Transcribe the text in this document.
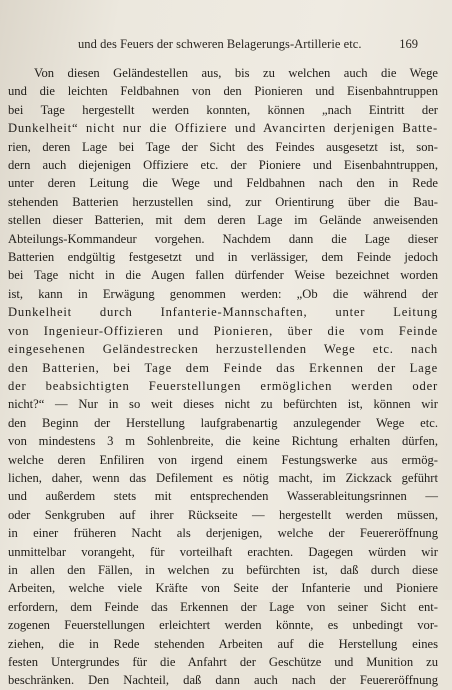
und des Feuers der schweren Belagerungs-Artillerie etc.	169
Von diesen Geländestellen aus, bis zu welchen auch die Wege
und die leichten Feldbahnen von den Pionieren und Eisenbahntruppen
bei Tage hergestellt werden konnten, können „nach Eintritt der
Dunkelheit“ nicht nur die Offiziere und Avancirten derjenigen Batte-
rien, deren Lage bei Tage der Sicht des Feindes ausgesetzt ist, son-
dern auch diejenigen Offiziere etc. der Pioniere und Eisenbahntruppen,
unter deren Leitung die Wege und Feldbahnen nach den in Rede
stehenden Batterien herzustellen sind, zur Orientirung über die Bau-
stellen dieser Batterien, mit dem deren Lage im Gelände anweisenden
Abteilungs-Kommandeur vorgehen. Nachdem dann die Lage dieser
Batterien endgültig festgesetzt und in verlässiger, dem Feinde jedoch
bei Tage nicht in die Augen fallen dürfender Weise bezeichnet worden
ist, kann in Erwägung genommen werden: „Ob die während der
Dunkelheit durch Infanterie-Mannschaften, unter Leitung
von Ingenieur-Offizieren und Pionieren, über die vom Feinde
eingesehenen Geländestrecken herzustellenden Wege etc. nach
den Batterien, bei Tage dem Feinde das Erkennen der Lage
der beabsichtigten Feuerstellungen ermöglichen werden oder
nicht?“ — Nur in so weit dieses nicht zu befürchten ist, können wir
den Beginn der Herstellung laufgrabenartig anzulegender Wege etc.
von mindestens 3 m Sohlenbreite, die keine Richtung erhalten dürfen,
welche deren Enfiliren von irgend einem Festungswerke aus ermög-
lichen, daher, wenn das Defilement es nötig macht, im Zickzack geführt
und außerdem stets mit entsprechenden Wasserableitungsrinnen —
oder Senkgruben auf ihrer Rückseite — hergestellt werden müssen,
in einer früheren Nacht als derjenigen, welche der Feuereröffnung
unmittelbar vorangeht, für vorteilhaft erachten. Dagegen würden wir
in allen den Fällen, in welchen zu befürchten ist, daß durch diese
Arbeiten, welche viele Kräfte von Seite der Infanterie und Pioniere
erfordern, dem Feinde das Erkennen der Lage von seiner Sicht ent-
zogenen Feuerstellungen erleichtert werden könnte, es unbedingt vor-
ziehen, die in Rede stehenden Arbeiten auf die Herstellung eines
festen Untergrundes für die Anfahrt der Geschütze und Munition zu
beschränken. Den Nachteil, daß dann auch nach der Feuereröffnung
